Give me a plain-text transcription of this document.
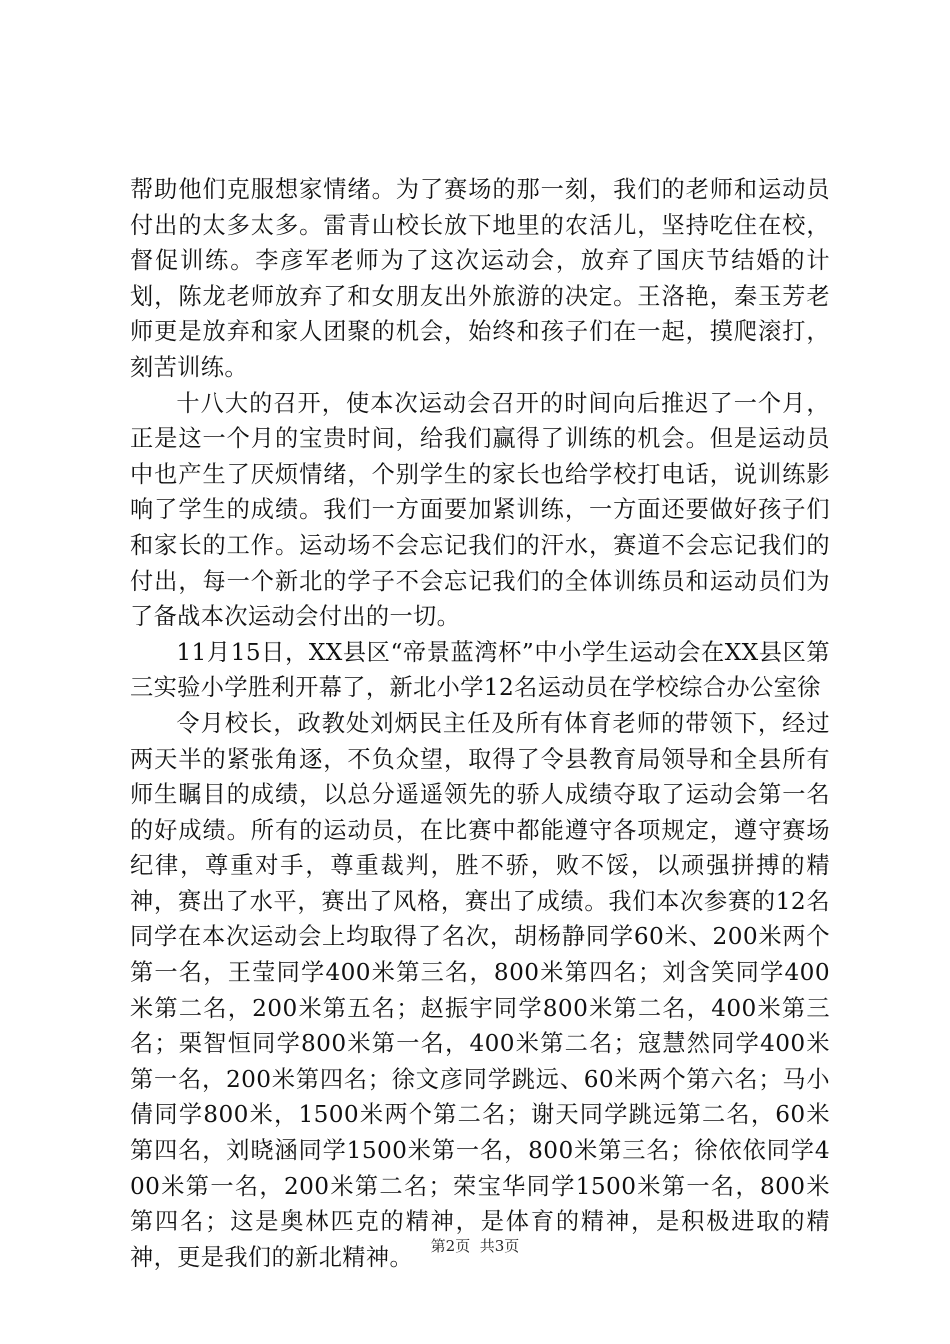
帮助他们克服想家情绪。为了赛场的那一刻，我们的老师和运动员付出的太多太多。雷青山校长放下地里的农活儿，坚持吃住在校，督促训练。李彦军老师为了这次运动会，放弃了国庆节结婚的计划，陈龙老师放弃了和女朋友出外旅游的决定。王洛艳，秦玉芳老师更是放弃和家人团聚的机会，始终和孩子们在一起，摸爬滚打，刻苦训练。

十八大的召开，使本次运动会召开的时间向后推迟了一个月，正是这一个月的宝贵时间，给我们赢得了训练的机会。但是运动员中也产生了厌烦情绪，个别学生的家长也给学校打电话，说训练影响了学生的成绩。我们一方面要加紧训练，一方面还要做好孩子们和家长的工作。运动场不会忘记我们的汗水，赛道不会忘记我们的付出，每一个新北的学子不会忘记我们的全体训练员和运动员们为了备战本次运动会付出的一切。

11月15日，XX县区“帝景蓝湾杯”中小学生运动会在XX县区第三实验小学胜利开幕了，新北小学12名运动员在学校综合办公室徐

令月校长，政教处刘炳民主任及所有体育老师的带领下，经过两天半的紧张角逐，不负众望，取得了令县教育局领导和全县所有师生瞩目的成绩，以总分遥遥领先的骄人成绩夺取了运动会第一名的好成绩。所有的运动员，在比赛中都能遵守各项规定，遵守赛场纪律，尊重对手，尊重裁判，胜不骄，败不馁，以顽强拼搏的精神，赛出了水平，赛出了风格，赛出了成绩。我们本次参赛的12名同学在本次运动会上均取得了名次，胡杨静同学60米、200米两个第一名，王莹同学400米第三名，800米第四名；刘含笑同学400米第二名，200米第五名；赵振宇同学800米第二名，400米第三名；栗智恒同学800米第一名，400米第二名；寇慧然同学400米第一名，200米第四名；徐文彦同学跳远、60米两个第六名；马小倩同学800米，1500米两个第二名；谢天同学跳远第二名，60米第四名，刘晓涵同学1500米第一名，800米第三名；徐依依同学400米第一名，200米第二名；荣宝华同学1500米第一名，800米第四名；这是奥林匹克的精神，是体育的精神，是积极进取的精神，更是我们的新北精神。	第2页 共3页
